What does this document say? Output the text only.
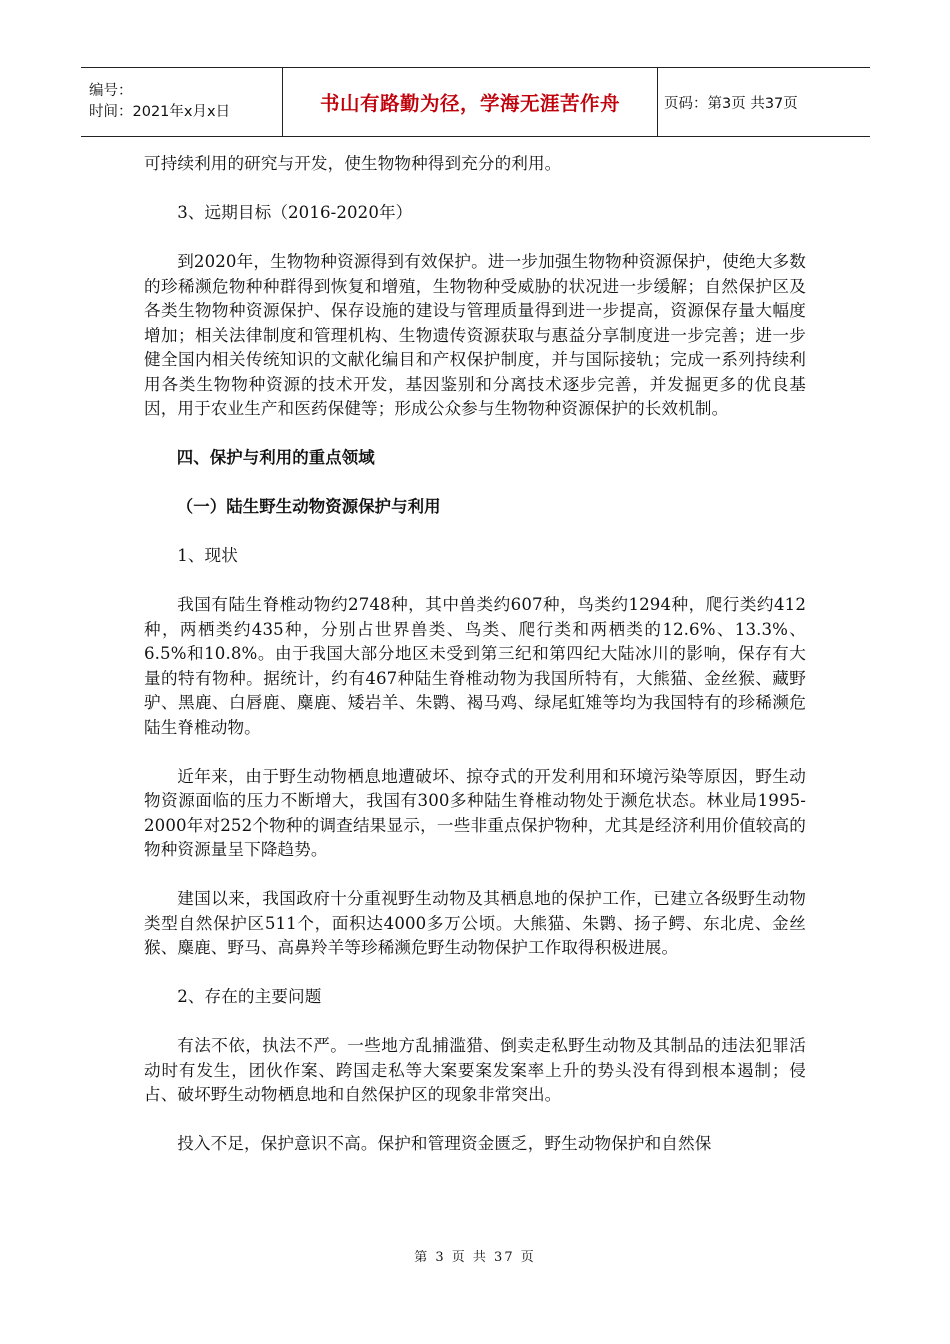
编号：
时间：2021年x月x日	书山有路勤为径，学海无涯苦作舟	页码：第3页 共37页

可持续利用的研究与开发，使生物物种得到充分的利用。

3、远期目标（2016-2020年）

到2020年，生物物种资源得到有效保护。进一步加强生物物种资源保护，使绝大多数的珍稀濒危物种种群得到恢复和增殖，生物物种受威胁的状况进一步缓解；自然保护区及各类生物物种资源保护、保存设施的建设与管理质量得到进一步提高，资源保存量大幅度增加；相关法律制度和管理机构、生物遗传资源获取与惠益分享制度进一步完善；进一步健全国内相关传统知识的文献化编目和产权保护制度，并与国际接轨；完成一系列持续利用各类生物物种资源的技术开发，基因鉴别和分离技术逐步完善，并发掘更多的优良基因，用于农业生产和医药保健等；形成公众参与生物物种资源保护的长效机制。

四、保护与利用的重点领域

（一）陆生野生动物资源保护与利用

1、现状

我国有陆生脊椎动物约2748种，其中兽类约607种，鸟类约1294种，爬行类约412种，两栖类约435种，分别占世界兽类、鸟类、爬行类和两栖类的12.6%、13.3%、6.5%和10.8%。由于我国大部分地区未受到第三纪和第四纪大陆冰川的影响，保存有大量的特有物种。据统计，约有467种陆生脊椎动物为我国所特有，大熊猫、金丝猴、藏野驴、黑鹿、白唇鹿、麋鹿、矮岩羊、朱鹮、褐马鸡、绿尾虹雉等均为我国特有的珍稀濒危陆生脊椎动物。

近年来，由于野生动物栖息地遭破坏、掠夺式的开发利用和环境污染等原因，野生动物资源面临的压力不断增大，我国有300多种陆生脊椎动物处于濒危状态。林业局1995-2000年对252个物种的调查结果显示，一些非重点保护物种，尤其是经济利用价值较高的物种资源量呈下降趋势。

建国以来，我国政府十分重视野生动物及其栖息地的保护工作，已建立各级野生动物类型自然保护区511个，面积达4000多万公顷。大熊猫、朱鹮、扬子鳄、东北虎、金丝猴、麋鹿、野马、高鼻羚羊等珍稀濒危野生动物保护工作取得积极进展。

2、存在的主要问题

有法不依，执法不严。一些地方乱捕滥猎、倒卖走私野生动物及其制品的违法犯罪活动时有发生，团伙作案、跨国走私等大案要案发案率上升的势头没有得到根本遏制；侵占、破坏野生动物栖息地和自然保护区的现象非常突出。

投入不足，保护意识不高。保护和管理资金匮乏，野生动物保护和自然保

第 3 页 共 37 页
